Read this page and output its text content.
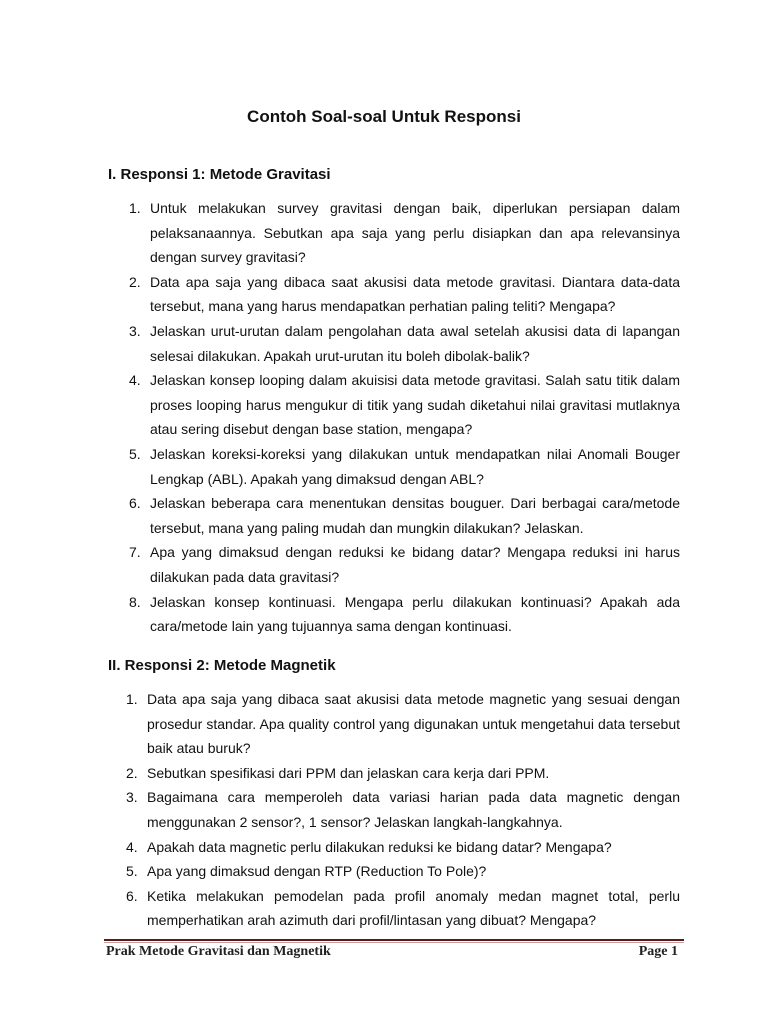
Contoh Soal-soal Untuk Responsi
I. Responsi 1: Metode Gravitasi
1. Untuk melakukan survey gravitasi dengan baik, diperlukan persiapan dalam pelaksanaannya. Sebutkan apa saja yang perlu disiapkan dan apa relevansinya dengan survey gravitasi?
2. Data apa saja yang dibaca saat akusisi data metode gravitasi. Diantara data-data tersebut, mana yang harus mendapatkan perhatian paling teliti? Mengapa?
3. Jelaskan urut-urutan dalam pengolahan data awal setelah akusisi data di lapangan selesai dilakukan. Apakah urut-urutan itu boleh dibolak-balik?
4. Jelaskan konsep looping dalam akuisisi data metode gravitasi. Salah satu titik dalam proses looping harus mengukur di titik yang sudah diketahui nilai gravitasi mutlaknya atau sering disebut dengan base station, mengapa?
5. Jelaskan koreksi-koreksi yang dilakukan untuk mendapatkan nilai Anomali Bouger Lengkap (ABL). Apakah yang dimaksud dengan ABL?
6. Jelaskan beberapa cara menentukan densitas bouguer. Dari berbagai cara/metode tersebut, mana yang paling mudah dan mungkin dilakukan? Jelaskan.
7. Apa yang dimaksud dengan reduksi ke bidang datar? Mengapa reduksi ini harus dilakukan pada data gravitasi?
8. Jelaskan konsep kontinuasi. Mengapa perlu dilakukan kontinuasi? Apakah ada cara/metode lain yang tujuannya sama dengan kontinuasi.
II. Responsi 2: Metode Magnetik
1. Data apa saja yang dibaca saat akusisi data metode magnetic yang sesuai dengan prosedur standar. Apa quality control yang digunakan untuk mengetahui data tersebut baik atau buruk?
2. Sebutkan spesifikasi dari PPM dan jelaskan cara kerja dari PPM.
3. Bagaimana cara memperoleh data variasi harian pada data magnetic dengan menggunakan 2 sensor?, 1 sensor? Jelaskan langkah-langkahnya.
4. Apakah data magnetic perlu dilakukan reduksi ke bidang datar? Mengapa?
5. Apa yang dimaksud dengan RTP (Reduction To Pole)?
6. Ketika melakukan pemodelan pada profil anomaly medan magnet total, perlu memperhatikan arah azimuth dari profil/lintasan yang dibuat? Mengapa?
Prak Metode Gravitasi dan Magnetik	Page 1
